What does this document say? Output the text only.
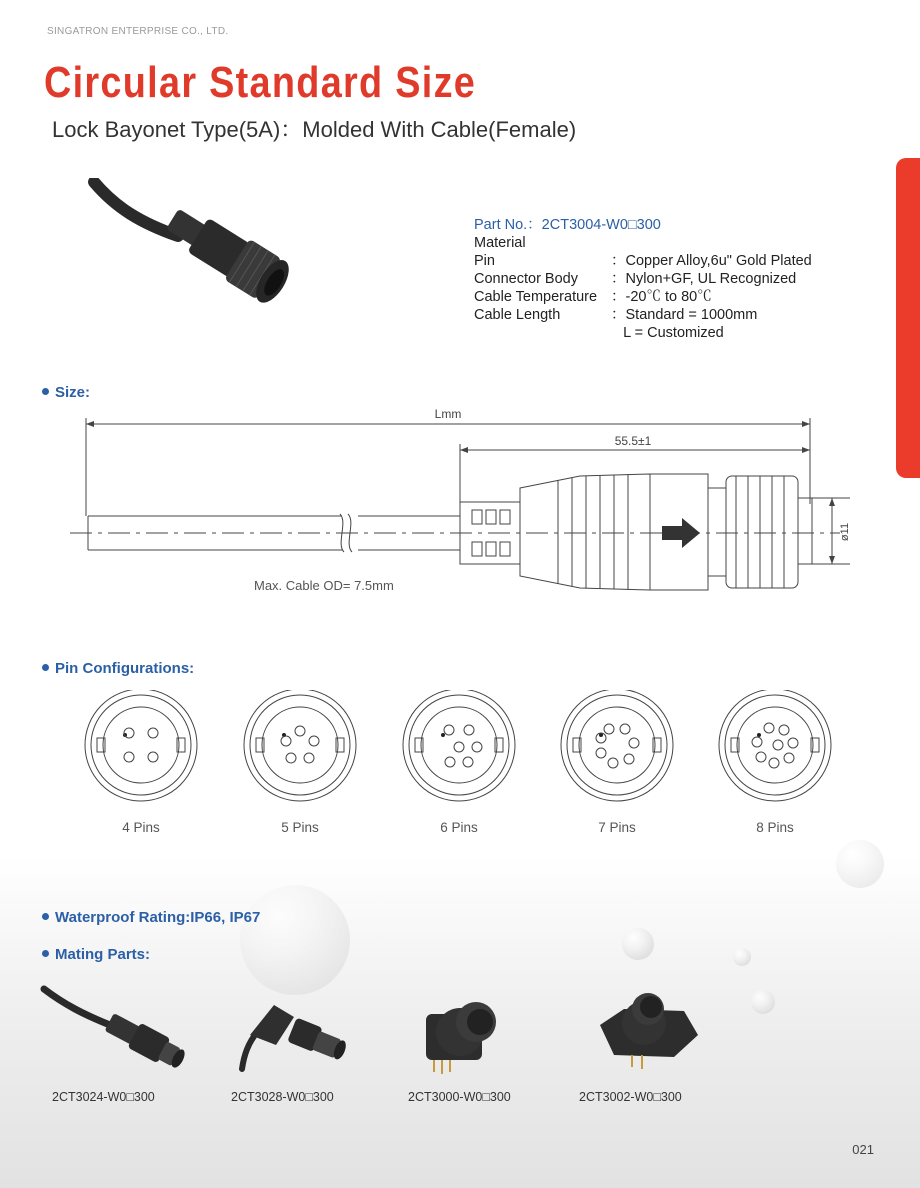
SINGATRON ENTERPRISE CO., LTD.
Circular Standard Size
Lock Bayonet Type(5A)：Molded With Cable(Female)
Part No.：2CT3004-W0□300
Material
Pin	：Copper Alloy,6u" Gold Plated
Connector Body	：Nylon+GF, UL Recognized
Cable Temperature ：-20℃ to 80℃
Cable Length	：Standard = 1000mm
L = Customized
Size:
Lmm
55.5±1
ø11
Max. Cable OD= 7.5mm
Pin Configurations:
4 Pins	5 Pins	6 Pins	7 Pins	8 Pins
Waterproof Rating:IP66, IP67
Mating Parts:
2CT3024-W0□300	2CT3028-W0□300	2CT3000-W0□300	2CT3002-W0□300
021
